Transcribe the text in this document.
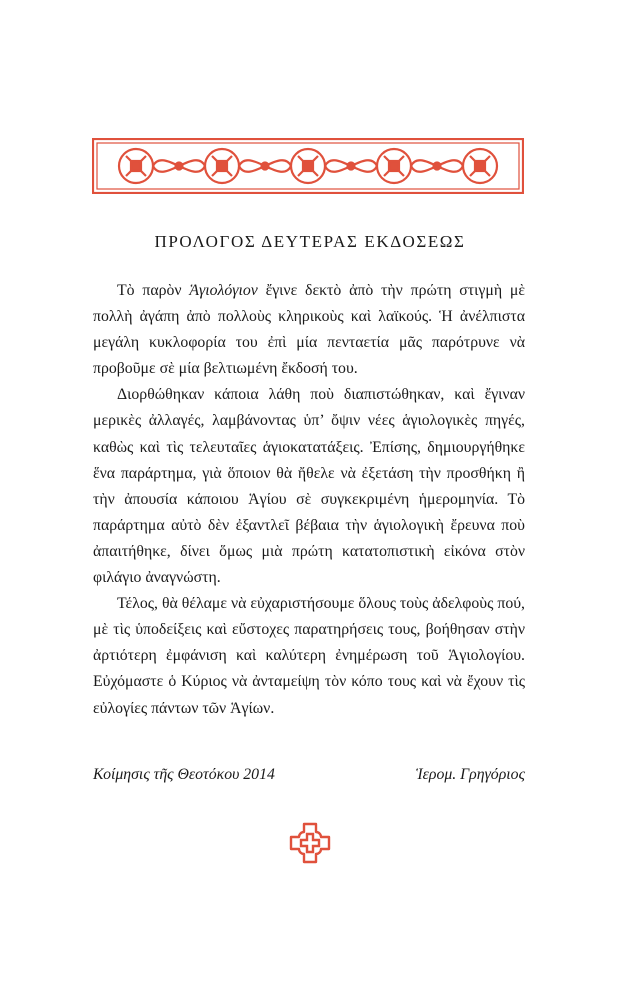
ΠΡΟΛΟΓΟΣ ΔΕΥΤΕΡΑΣ ΕΚΔΟΣΕΩΣ

Τὸ παρὸν Ἁγιολόγιον ἔγινε δεκτὸ ἀπὸ τὴν πρώτη στιγμὴ μὲ πολλὴ ἀγάπη ἀπὸ πολλοὺς κληρικοὺς καὶ λαϊκούς. Ἡ ἀνέλπιστα μεγάλη κυκλοφορία του ἐπὶ μία πενταετία μᾶς παρότρυνε νὰ προβοῦμε σὲ μία βελτιωμένη ἔκδοσή του.

Διορθώθηκαν κάποια λάθη ποὺ διαπιστώθηκαν, καὶ ἔγιναν μερικὲς ἀλλαγές, λαμβάνοντας ὑπ’ ὄψιν νέες ἁγιολογικὲς πηγές, καθὼς καὶ τὶς τελευταῖες ἁγιοκατατάξεις. Ἐπίσης, δημιουργήθηκε ἕνα παράρτημα, γιὰ ὅποιον θὰ ἤθελε νὰ ἐξετάση τὴν προσθήκη ἢ τὴν ἀπουσία κάποιου Ἁγίου σὲ συγκεκριμένη ἡμερομηνία. Τὸ παράρτημα αὐτὸ δὲν ἐξαντλεῖ βέβαια τὴν ἁγιολογικὴ ἔρευνα ποὺ ἀπαιτήθηκε, δίνει ὅμως μιὰ πρώτη κατατοπιστικὴ εἰκόνα στὸν φιλάγιο ἀναγνώστη.

Τέλος, θὰ θέλαμε νὰ εὐχαριστήσουμε ὅλους τοὺς ἀδελφοὺς πού, μὲ τὶς ὑποδείξεις καὶ εὔστοχες παρατηρήσεις τους, βοήθησαν στὴν ἀρτιότερη ἐμφάνιση καὶ καλύτερη ἐνημέρωση τοῦ Ἁγιολογίου. Εὐχόμαστε ὁ Κύριος νὰ ἀνταμείψη τὸν κόπο τους καὶ νὰ ἔχουν τὶς εὐλογίες πάντων τῶν Ἁγίων.

Κοίμησις τῆς Θεοτόκου 2014	Ἱερομ. Γρηγόριος
